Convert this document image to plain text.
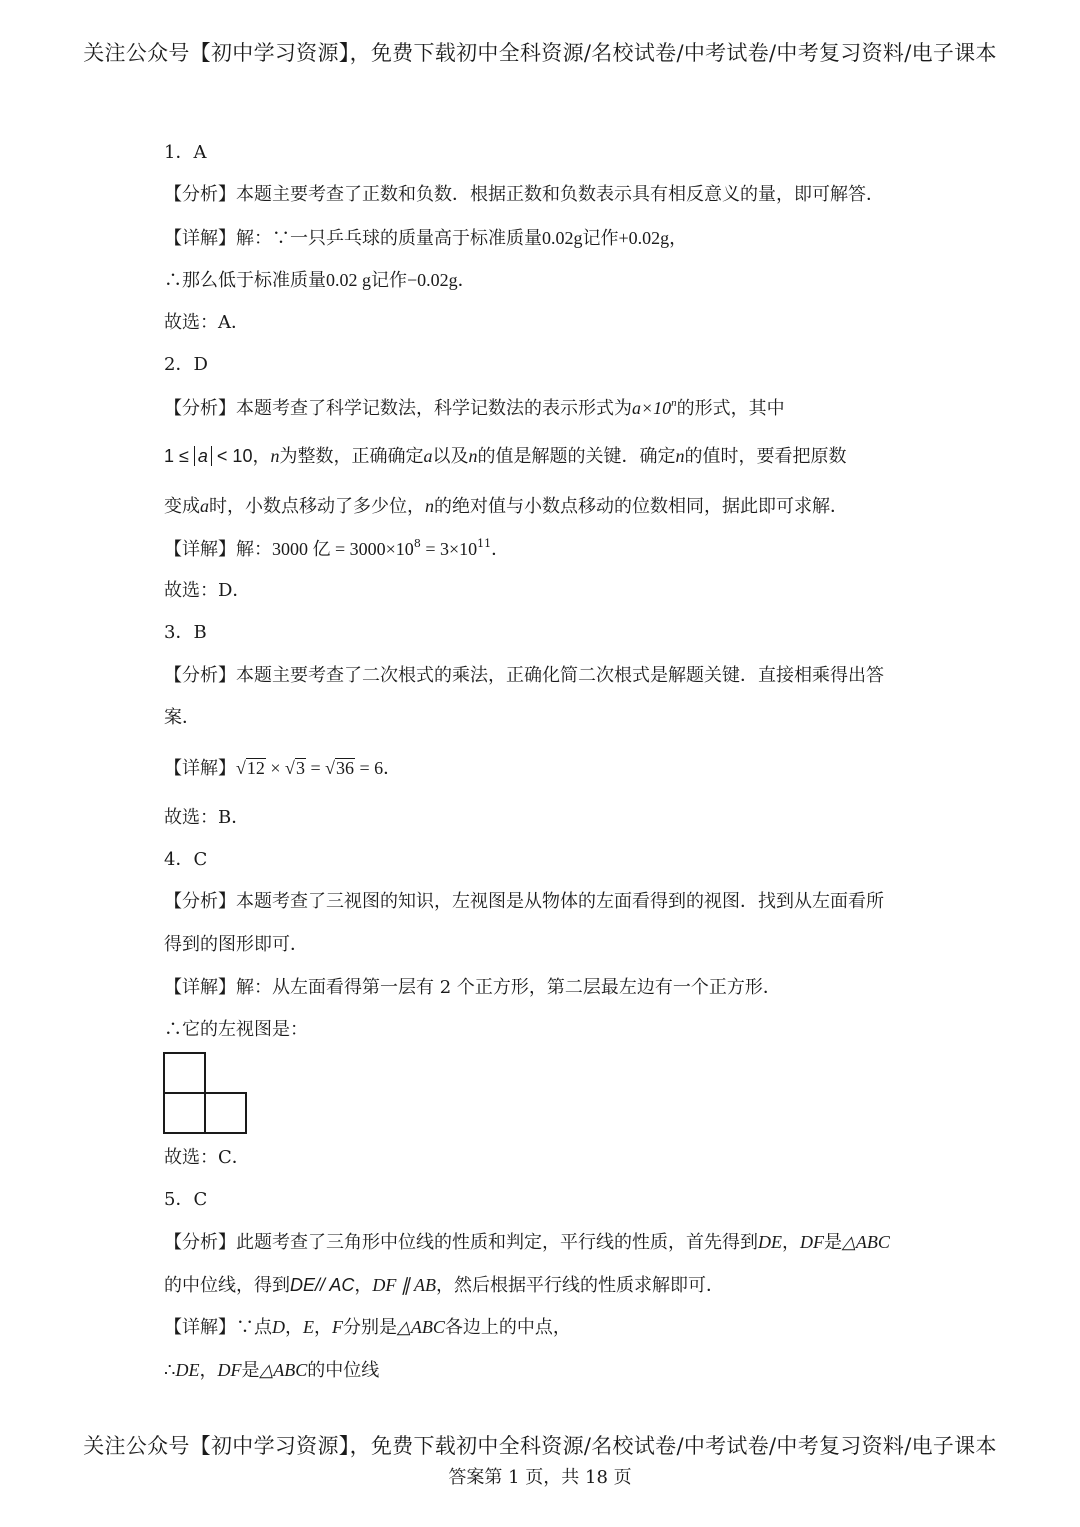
关注公众号【初中学习资源】，免费下载初中全科资源/名校试卷/中考试卷/中考复习资料/电子课本
1．A
【分析】本题主要考查了正数和负数．根据正数和负数表示具有相反意义的量，即可解答．
【详解】解：∵一只乒乓球的质量高于标准质量0.02g记作+0.02g，
∴那么低于标准质量0.02 g记作−0.02g．
故选：A．
2．D
【分析】本题考查了科学记数法，科学记数法的表示形式为$a\times 10^n$的形式，其中
1 ≤ a < 10，n为整数，正确确定a以及n的值是解题的关键．确定n的值时，要看把原数
变成a时，小数点移动了多少位，n的绝对值与小数点移动的位数相同，据此即可求解．
【详解】解：3000 亿 = $3000\times 10^8 = 3\times 10^{11}$．
故选：D．
3．B
【分析】本题主要考查了二次根式的乘法，正确化简二次根式是解题关键．直接相乘得出答
案．
【详解】√12 × √3 = √36 = 6．
故选：B．
4．C
【分析】本题考查了三视图的知识，左视图是从物体的左面看得到的视图．找到从左面看所
得到的图形即可．
【详解】解：从左面看得第一层有 2 个正方形，第二层最左边有一个正方形．
∴它的左视图是：
故选：C．
5．C
【分析】此题考查了三角形中位线的性质和判定，平行线的性质，首先得到DE，DF是△ABC
的中位线，得到DE// AC，DF ∥ AB，然后根据平行线的性质求解即可．
【详解】∵点D，E，F分别是△ABC各边上的中点，
∴DE，DF是△ABC的中位线
关注公众号【初中学习资源】，免费下载初中全科资源/名校试卷/中考试卷/中考复习资料/电子课本
答案第 1 页，共 18 页
